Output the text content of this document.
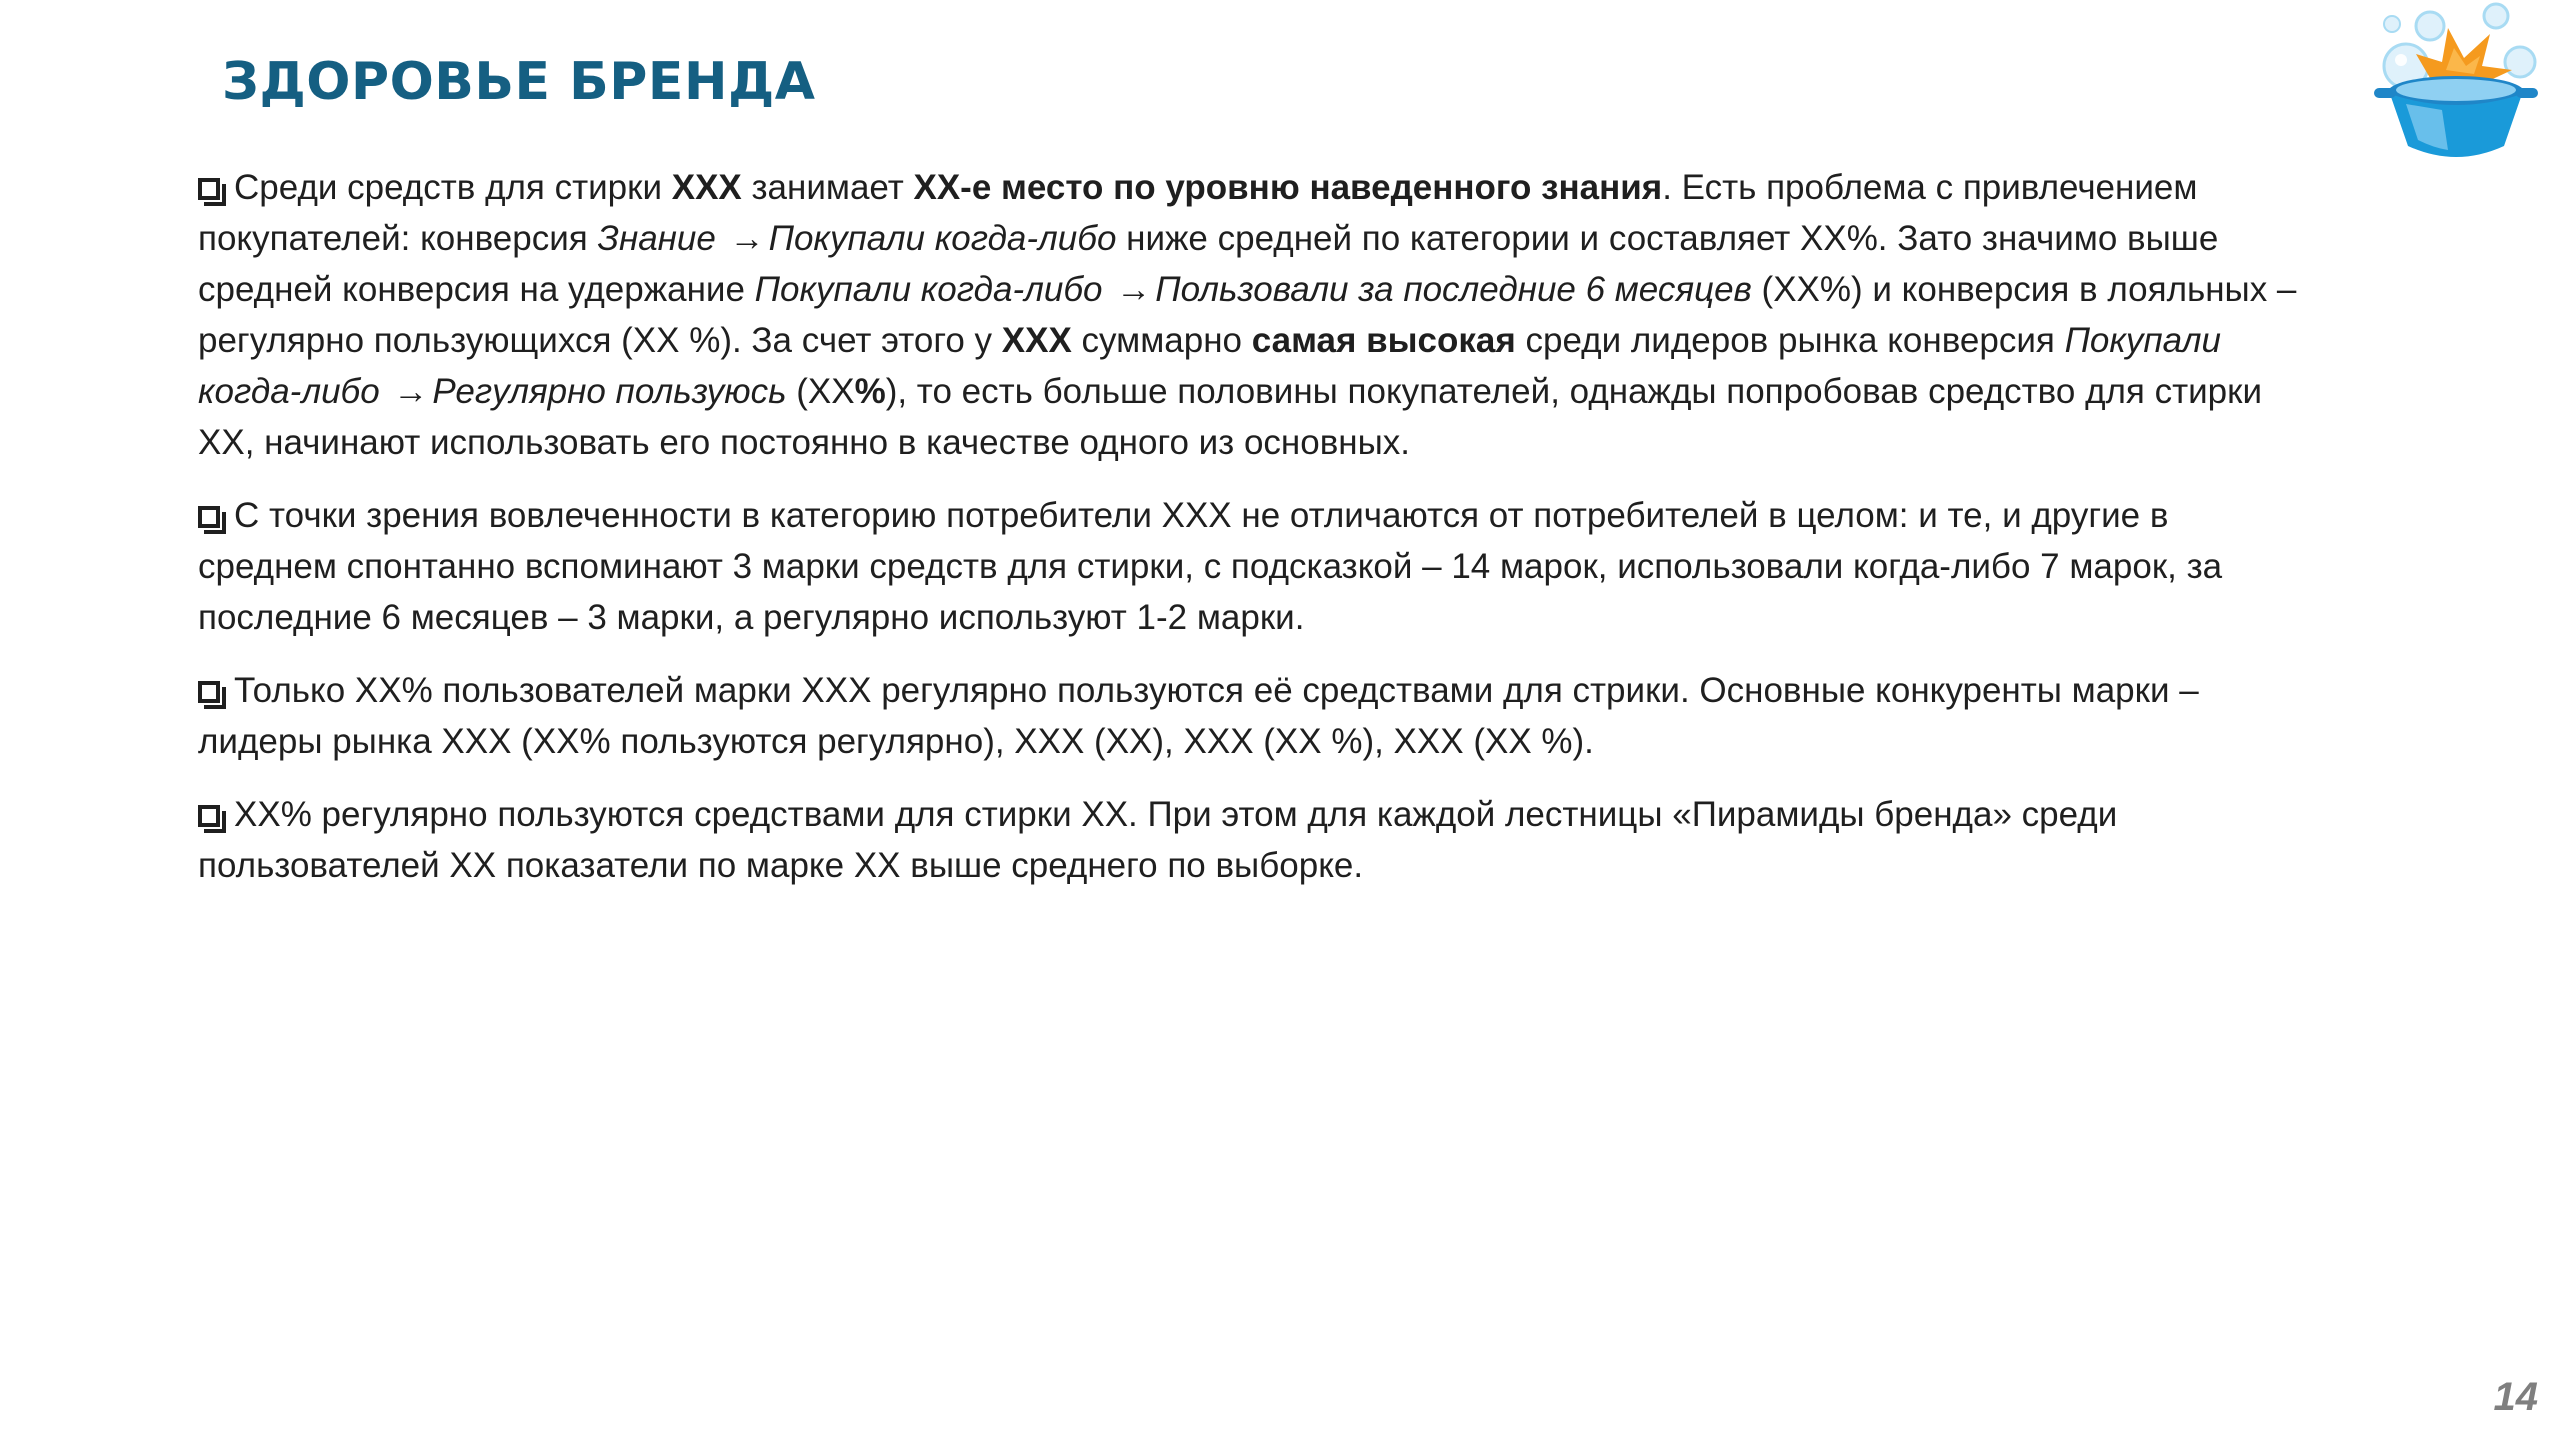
ЗДОРОВЬЕ БРЕНДА

Среди средств для стирки XXX занимает XX-е место по уровню наведенного знания. Есть проблема с привлечением покупателей: конверсия Знание → Покупали когда-либо ниже средней по категории и составляет XX%. Зато значимо выше средней конверсия на удержание Покупали когда-либо → Пользовали за последние 6 месяцев (XX%) и конверсия в лояльных – регулярно пользующихся (XX %). За счет этого у XXX суммарно самая высокая среди лидеров рынка конверсия Покупали когда-либо → Регулярно пользуюсь (XX%), то есть больше половины покупателей, однажды попробовав средство для стирки XX, начинают использовать его постоянно в качестве одного из основных.

С точки зрения вовлеченности в категорию потребители XXX не отличаются от потребителей в целом: и те, и другие в среднем спонтанно вспоминают 3 марки средств для стирки, с подсказкой – 14 марок, использовали когда-либо 7 марок, за последние 6 месяцев – 3 марки, а регулярно используют 1-2 марки.

Только XX% пользователей марки XXX регулярно пользуются её средствами для стрики. Основные конкуренты марки – лидеры рынка XXX (XX% пользуются регулярно), XXX (XX), XXX (XX %), XXX (XX %).

XX% регулярно пользуются средствами для стирки XX. При этом для каждой лестницы «Пирамиды бренда» среди пользователей XX показатели по марке XX выше среднего по выборке.

14
